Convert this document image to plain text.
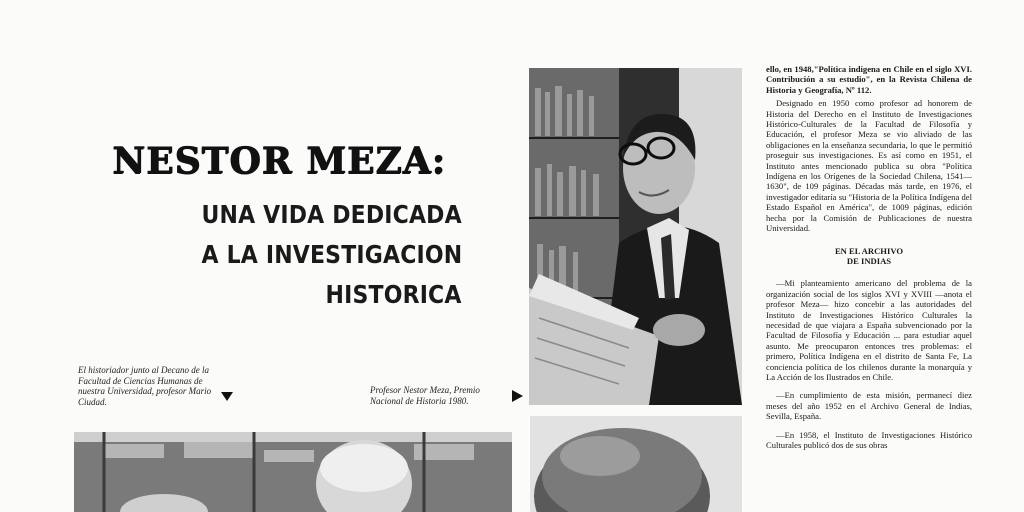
NESTOR MEZA:
UNA VIDA DEDICADA
A LA INVESTIGACION
HISTORICA
El historiador junto al Decano de la Facultad de Ciencias Humanas de nuestra Universidad, profesor Mario Ciudad.
Profesor Nestor Meza, Premio Nacional de Historia 1980.

ello, en 1948,"Política indígena en Chile en el siglo XVI. Contribución a su estudio", en la Revista Chilena de Historia y Geografía, Nº 112.

Designado en 1950 como profesor ad honorem de Historia del Derecho en el Instituto de Investigaciones Histórico-Culturales de la Facultad de Filosofía y Educación, el profesor Meza se vio aliviado de las obligaciones en la enseñanza secundaria, lo que le permitió proseguir sus investigaciones. Es así como en 1951, el Instituto antes mencionado publica su obra "Política Indígena en los Orígenes de la Sociedad Chilena, 1541—1630", de 109 páginas. Décadas más tarde, en 1976, el investigador editaría su "Historia de la Política Indígena del Estado Español en América", de 1009 páginas, edición hecha por la Comisión de Publicaciones de nuestra Universidad.

EN EL ARCHIVO
DE INDIAS

—Mi planteamiento americano del problema de la organización social de los siglos XVI y XVIII —anota el profesor Meza— hizo concebir a las autoridades del Instituto de Investigaciones Histórico Culturales la necesidad de que viajara a España subvencionado por la Facultad de Filosofía y Educación ... para estudiar aquel asunto. Me preocuparon entonces tres problemas: el primero, Política Indígena en el distrito de Santa Fe, La conciencia política de los chilenos durante la monarquía y La Acción de los Ilustrados en Chile.

—En cumplimiento de esta misión, permanecí diez meses del año 1952 en el Archivo General de Indias, Sevilla, España.

—En 1958, el Instituto de Investigaciones Histórico Culturales publicó dos de sus obras
